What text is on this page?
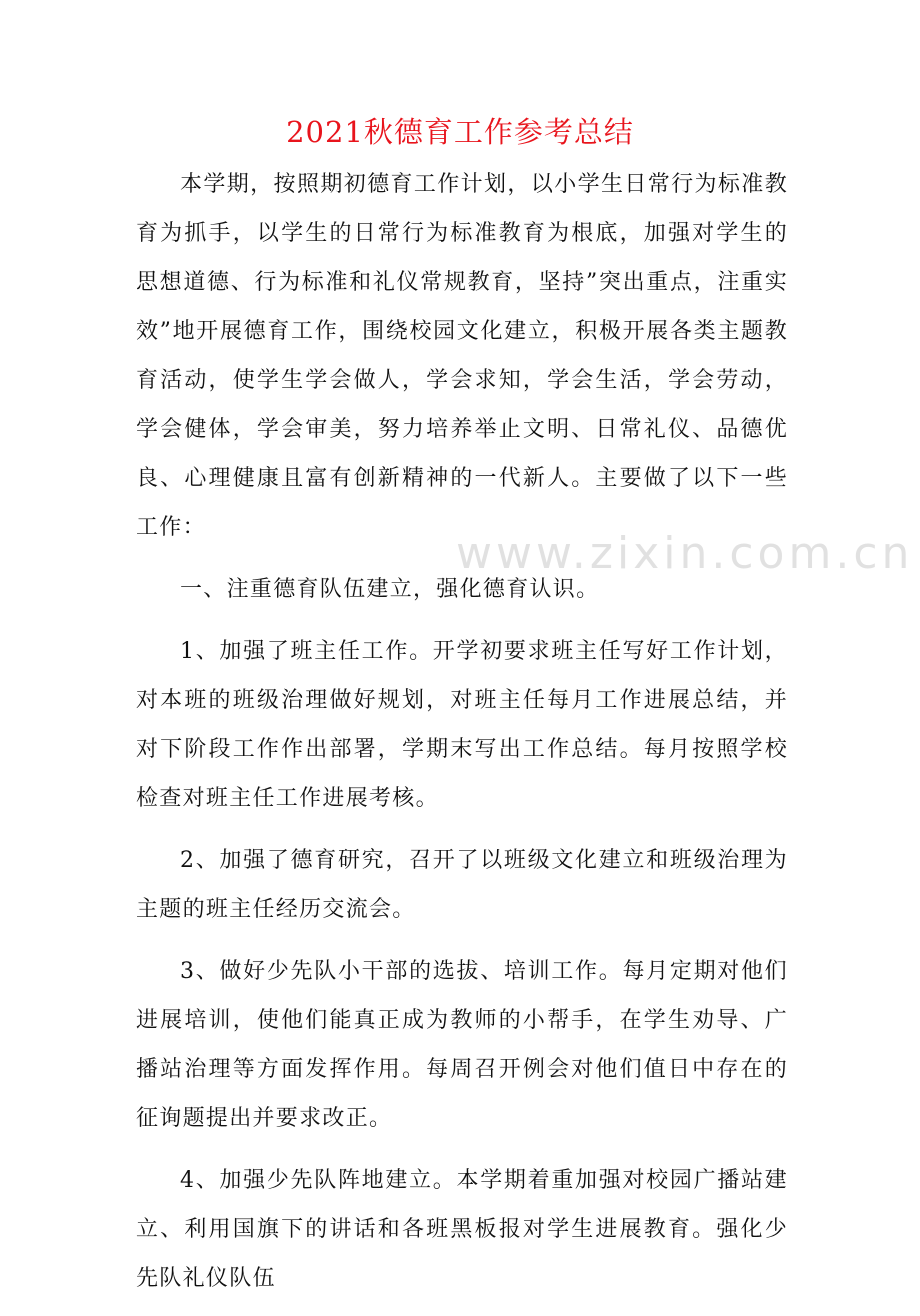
2021秋德育工作参考总结

本学期，按照期初德育工作计划，以小学生日常行为标准教育为抓手，以学生的日常行为标准教育为根底，加强对学生的思想道德、行为标准和礼仪常规教育，坚持”突出重点，注重实效”地开展德育工作，围绕校园文化建立，积极开展各类主题教育活动，使学生学会做人，学会求知，学会生活，学会劳动，学会健体，学会审美，努力培养举止文明、日常礼仪、品德优良、心理健康且富有创新精神的一代新人。主要做了以下一些工作：

一、注重德育队伍建立，强化德育认识。

1、加强了班主任工作。开学初要求班主任写好工作计划，对本班的班级治理做好规划，对班主任每月工作进展总结，并对下阶段工作作出部署，学期末写出工作总结。每月按照学校检查对班主任工作进展考核。

2、加强了德育研究，召开了以班级文化建立和班级治理为主题的班主任经历交流会。

3、做好少先队小干部的选拔、培训工作。每月定期对他们进展培训，使他们能真正成为教师的小帮手，在学生劝导、广播站治理等方面发挥作用。每周召开例会对他们值日中存在的征询题提出并要求改正。

4、加强少先队阵地建立。本学期着重加强对校园广播站建立、利用国旗下的讲话和各班黑板报对学生进展教育。强化少先队礼仪队伍

www.zixin.com.cn
